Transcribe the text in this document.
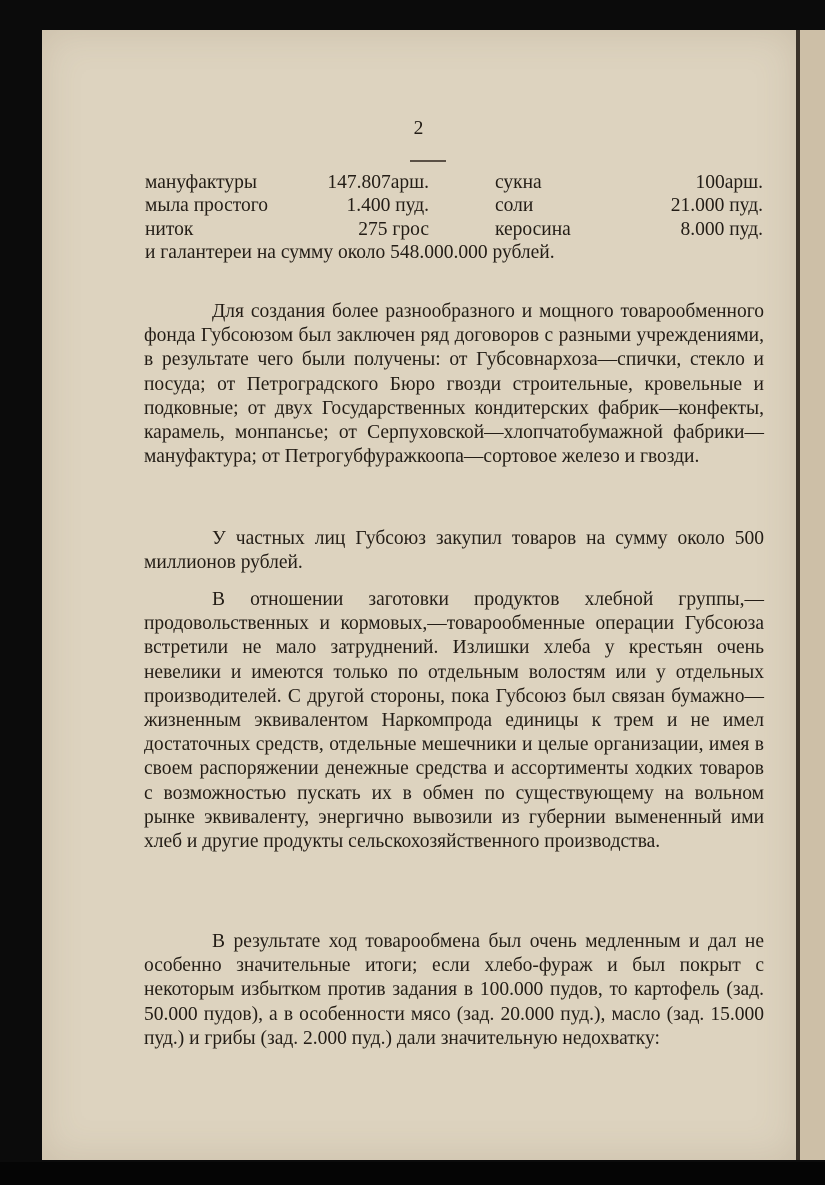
2
мануфактуры	147.807арш.	сукна	100арш.
мыла простого	1.400 пуд.	соли	21.000 пуд.
ниток	275 грос	керосина	8.000 пуд.
и галантереи на сумму около 548.000.000 рублей.

Для создания более разнообразного и мощного товарообменного фонда Губсоюзом был заключен ряд договоров с разными учреждениями, в результате чего были получены: от Губсовнархоза—спички, стекло и посуда; от Петроградского Бюро гвозди строительные, кровельные и подковные; от двух Государственных кондитерских фабрик—конфекты, карамель, монпансье; от Серпуховской—хлопчатобумажной фабрики—мануфактура; от Петрогубфуражкоопа—сортовое железо и гвозди.

У частных лиц Губсоюз закупил товаров на сумму около 500 миллионов рублей.

В отношении заготовки продуктов хлебной группы,—продовольственных и кормовых,—товарообменные операции Губсоюза встретили не мало затруднений. Излишки хлеба у крестьян очень невелики и имеются только по отдельным волостям или у отдельных производителей. С другой стороны, пока Губсоюз был связан бумажно—жизненным эквивалентом Наркомпрода единицы к трем и не имел достаточных средств, отдельные мешечники и целые организации, имея в своем распоряжении денежные средства и ассортименты ходких товаров с возможностью пускать их в обмен по существующему на вольном рынке эквиваленту, энергично вывозили из губернии вымененный ими хлеб и другие продукты сельскохозяйственного производства.

В результате ход товарообмена был очень медленным и дал не особенно значительные итоги; если хлебо-фураж и был покрыт с некоторым избытком против задания в 100.000 пудов, то картофель (зад. 50.000 пудов), а в особенности мясо (зад. 20.000 пуд.), масло (зад. 15.000 пуд.) и грибы (зад. 2.000 пуд.) дали значительную недохватку:
